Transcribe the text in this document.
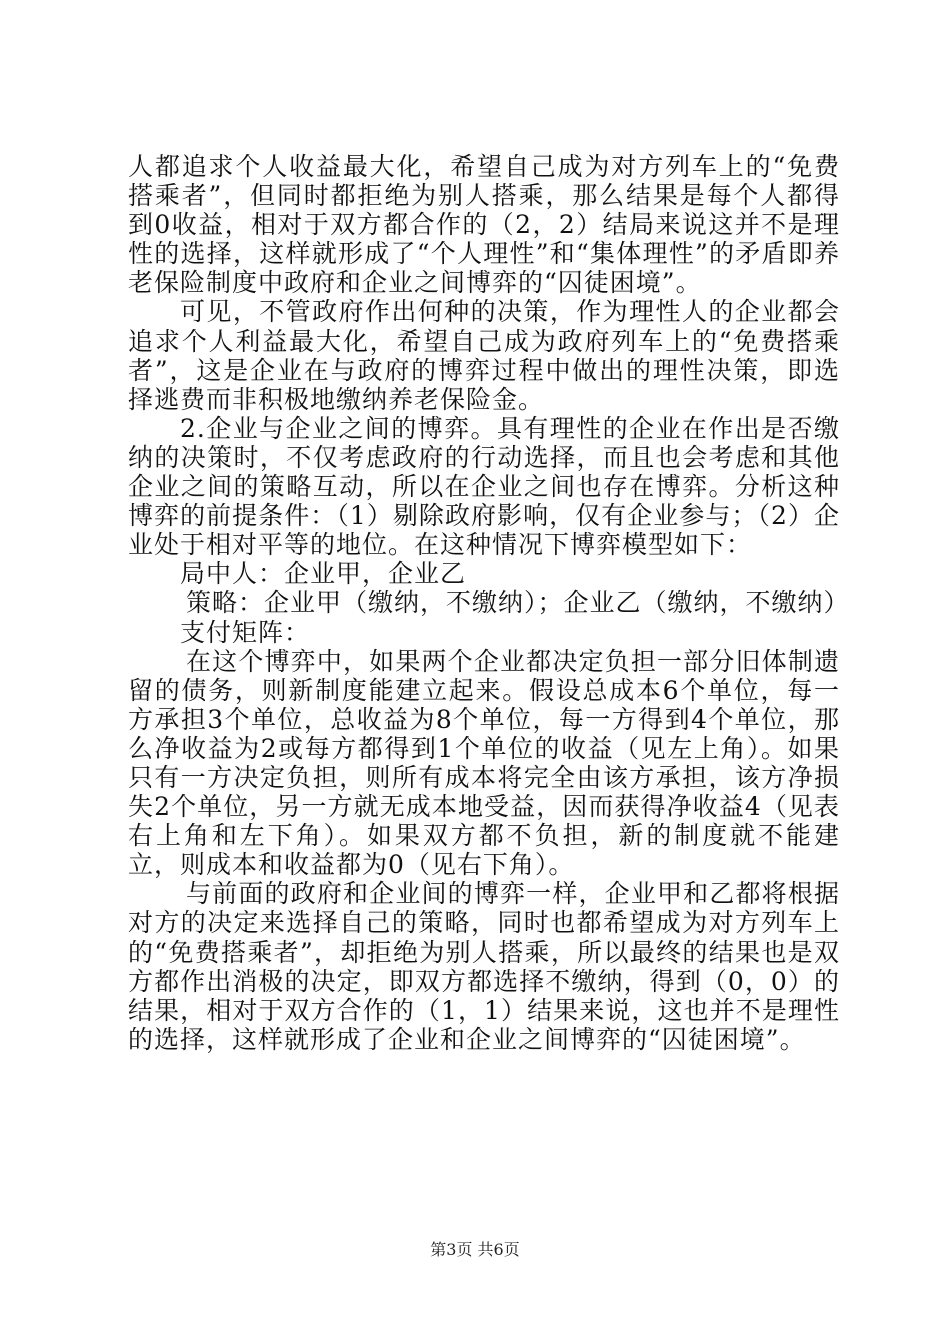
人都追求个人收益最大化，希望自己成为对方列车上的“免费搭乘者”，但同时都拒绝为别人搭乘，那么结果是每个人都得到0收益，相对于双方都合作的（2，2）结局来说这并不是理性的选择，这样就形成了“个人理性”和“集体理性”的矛盾即养老保险制度中政府和企业之间博弈的“囚徒困境”。

可见，不管政府作出何种的决策，作为理性人的企业都会追求个人利益最大化，希望自己成为政府列车上的“免费搭乘者”，这是企业在与政府的博弈过程中做出的理性决策，即选择逃费而非积极地缴纳养老保险金。

2.企业与企业之间的博弈。具有理性的企业在作出是否缴纳的决策时，不仅考虑政府的行动选择，而且也会考虑和其他企业之间的策略互动，所以在企业之间也存在博弈。分析这种博弈的前提条件：（1）剔除政府影响，仅有企业参与；（2）企业处于相对平等的地位。在这种情况下博弈模型如下：

局中人：企业甲，企业乙

策略：企业甲（缴纳，不缴纳）；企业乙（缴纳，不缴纳）

支付矩阵：

在这个博弈中，如果两个企业都决定负担一部分旧体制遗留的债务，则新制度能建立起来。假设总成本6个单位，每一方承担3个单位，总收益为8个单位，每一方得到4个单位，那么净收益为2或每方都得到1个单位的收益（见左上角）。如果只有一方决定负担，则所有成本将完全由该方承担，该方净损失2个单位，另一方就无成本地受益，因而获得净收益4（见表右上角和左下角）。如果双方都不负担，新的制度就不能建立，则成本和收益都为0（见右下角）。

与前面的政府和企业间的博弈一样，企业甲和乙都将根据对方的决定来选择自己的策略，同时也都希望成为对方列车上的“免费搭乘者”，却拒绝为别人搭乘，所以最终的结果也是双方都作出消极的决定，即双方都选择不缴纳，得到（0，0）的结果，相对于双方合作的（1，1）结果来说，这也并不是理性的选择，这样就形成了企业和企业之间博弈的“囚徒困境”。

第3页 共6页
